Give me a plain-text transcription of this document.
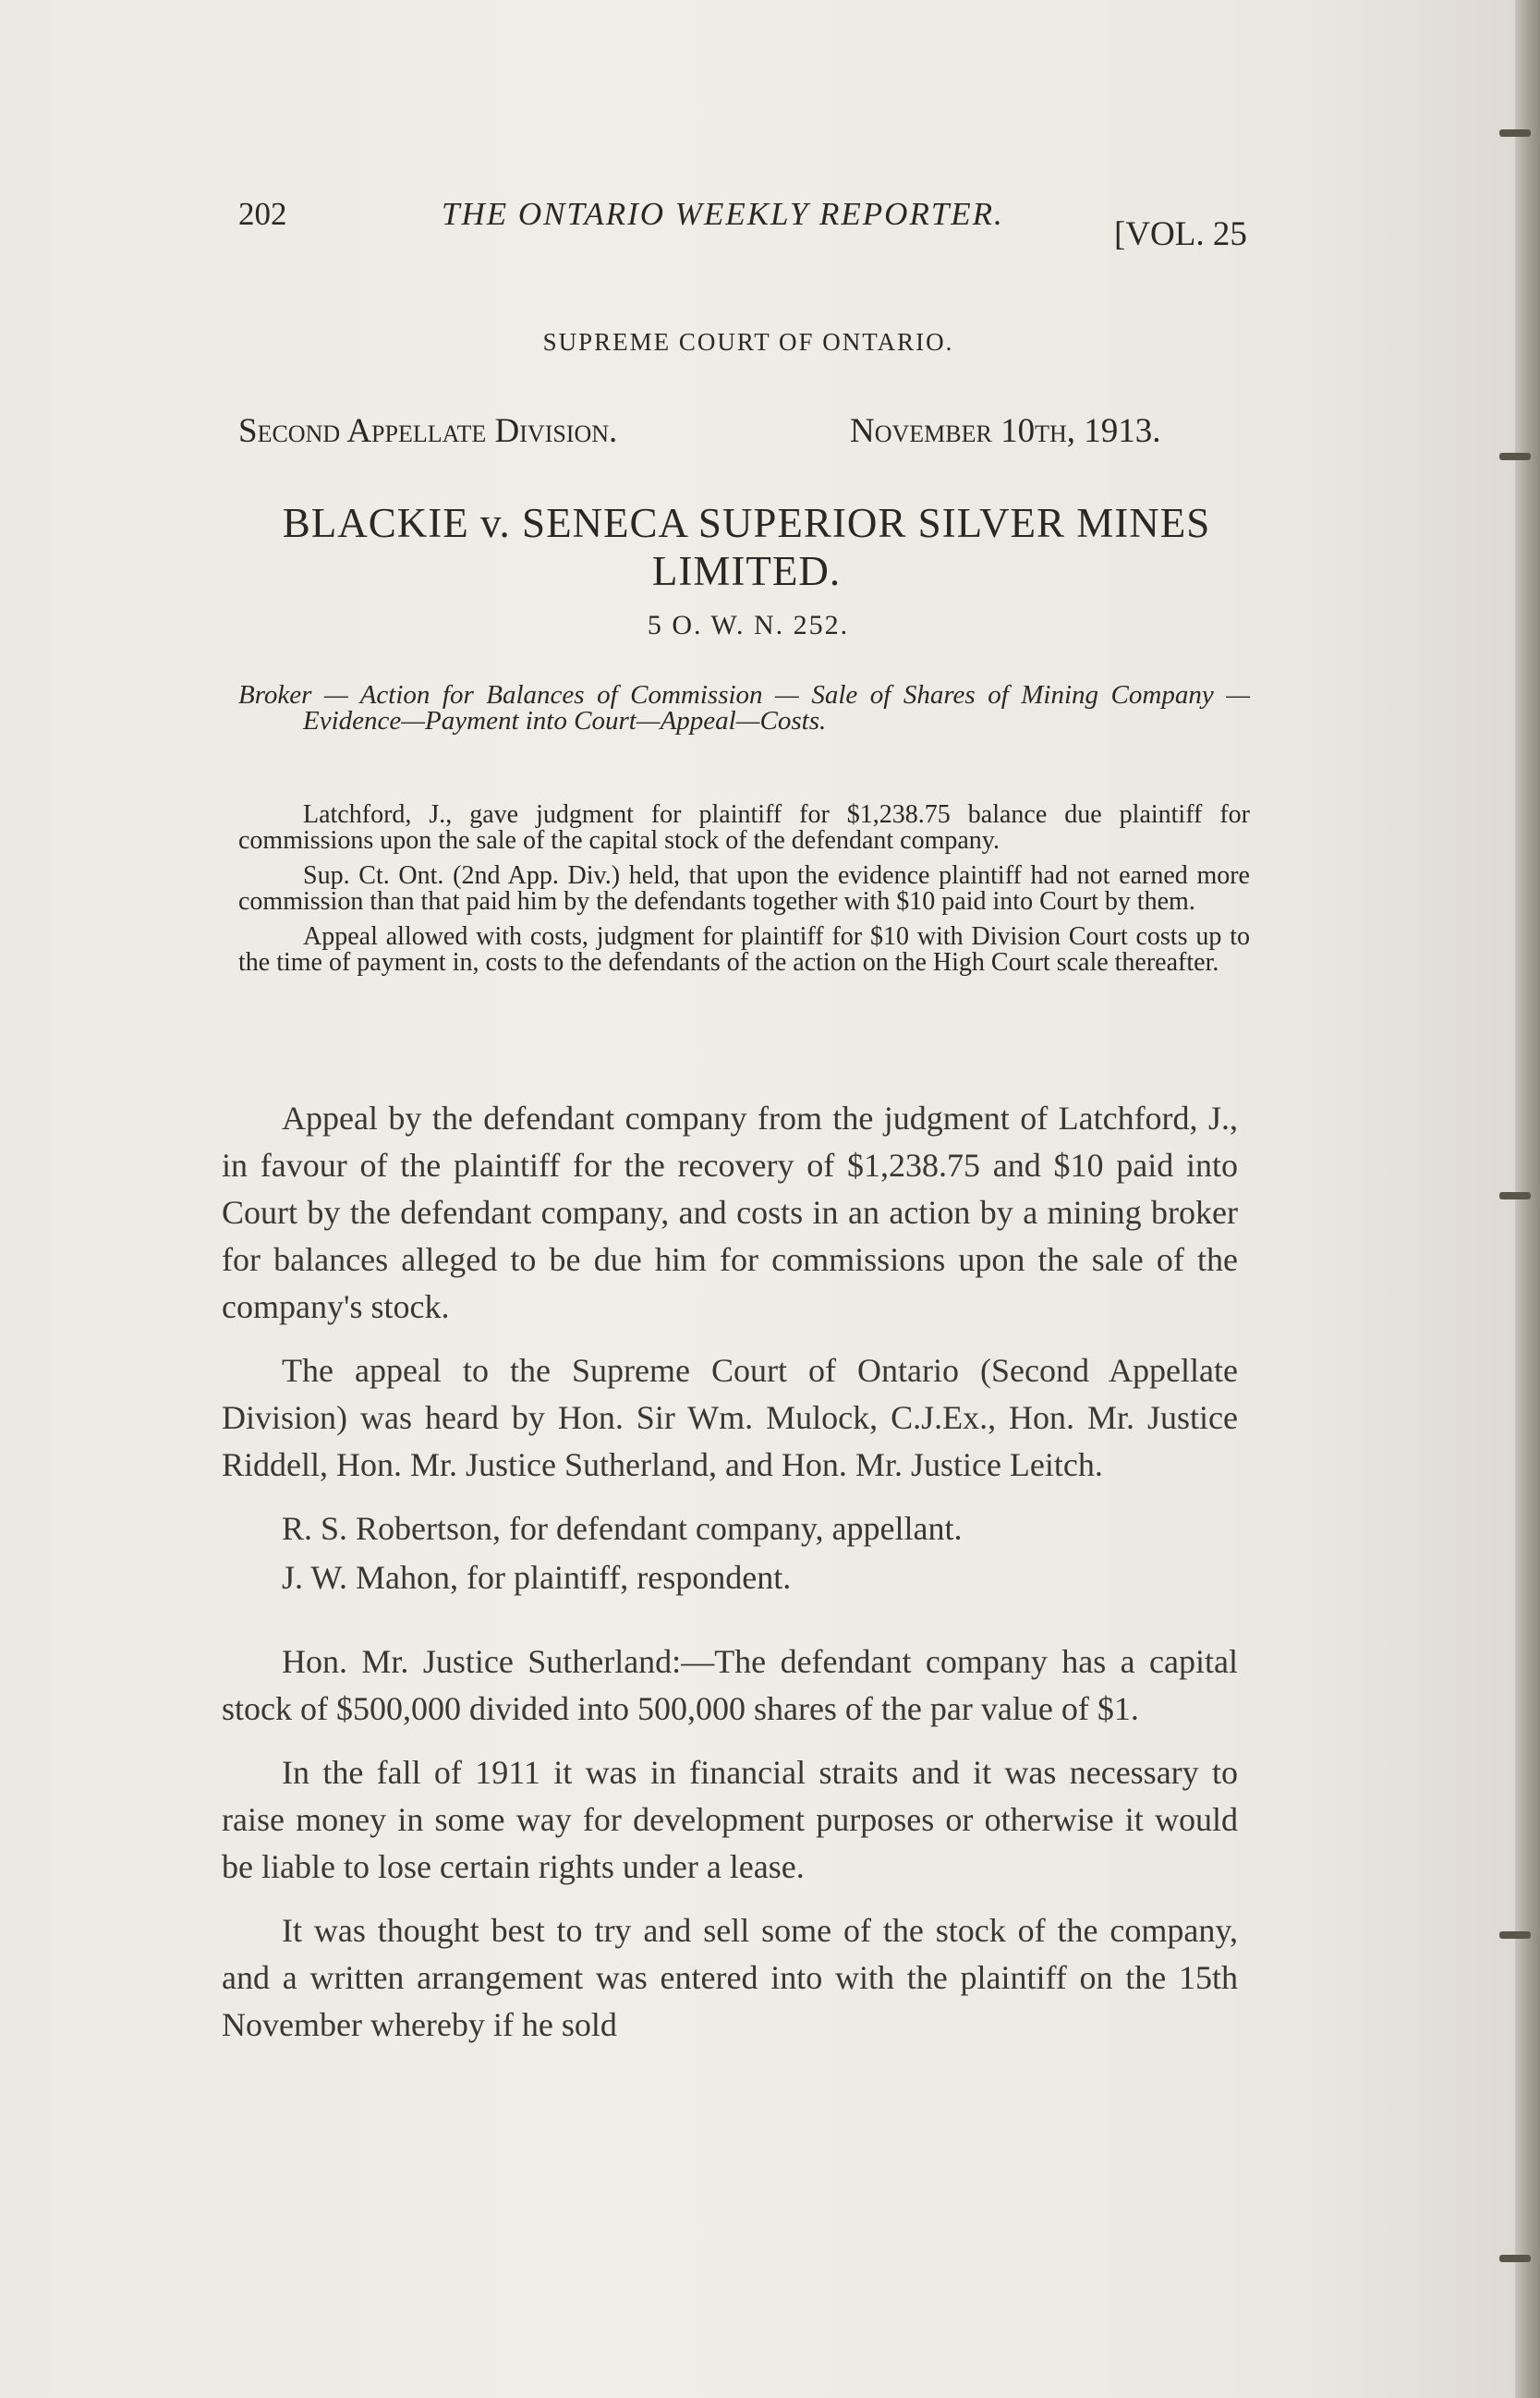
202	THE ONTARIO WEEKLY REPORTER.
[VOL. 25
SUPREME COURT OF ONTARIO.
Second Appellate Division.	November 10th, 1913.
BLACKIE v. SENECA SUPERIOR SILVER MINES LIMITED.
5 O. W. N. 252.
Broker — Action for Balances of Commission — Sale of Shares of Mining Company — Evidence—Payment into Court—Appeal—Costs.

Latchford, J., gave judgment for plaintiff for $1,238.75 balance due plaintiff for commissions upon the sale of the capital stock of the defendant company.

Sup. Ct. Ont. (2nd App. Div.) held, that upon the evidence plaintiff had not earned more commission than that paid him by the defendants together with $10 paid into Court by them.

Appeal allowed with costs, judgment for plaintiff for $10 with Division Court costs up to the time of payment in, costs to the defendants of the action on the High Court scale thereafter.

Appeal by the defendant company from the judgment of Latchford, J., in favour of the plaintiff for the recovery of $1,238.75 and $10 paid into Court by the defendant company, and costs in an action by a mining broker for balances alleged to be due him for commissions upon the sale of the company's stock.

The appeal to the Supreme Court of Ontario (Second Appellate Division) was heard by Hon. Sir Wm. Mulock, C.J.Ex., Hon. Mr. Justice Riddell, Hon. Mr. Justice Sutherland, and Hon. Mr. Justice Leitch.

R. S. Robertson, for defendant company, appellant.

J. W. Mahon, for plaintiff, respondent.

Hon. Mr. Justice Sutherland:—The defendant company has a capital stock of $500,000 divided into 500,000 shares of the par value of $1.

In the fall of 1911 it was in financial straits and it was necessary to raise money in some way for development purposes or otherwise it would be liable to lose certain rights under a lease.

It was thought best to try and sell some of the stock of the company, and a written arrangement was entered into with the plaintiff on the 15th November whereby if he sold
